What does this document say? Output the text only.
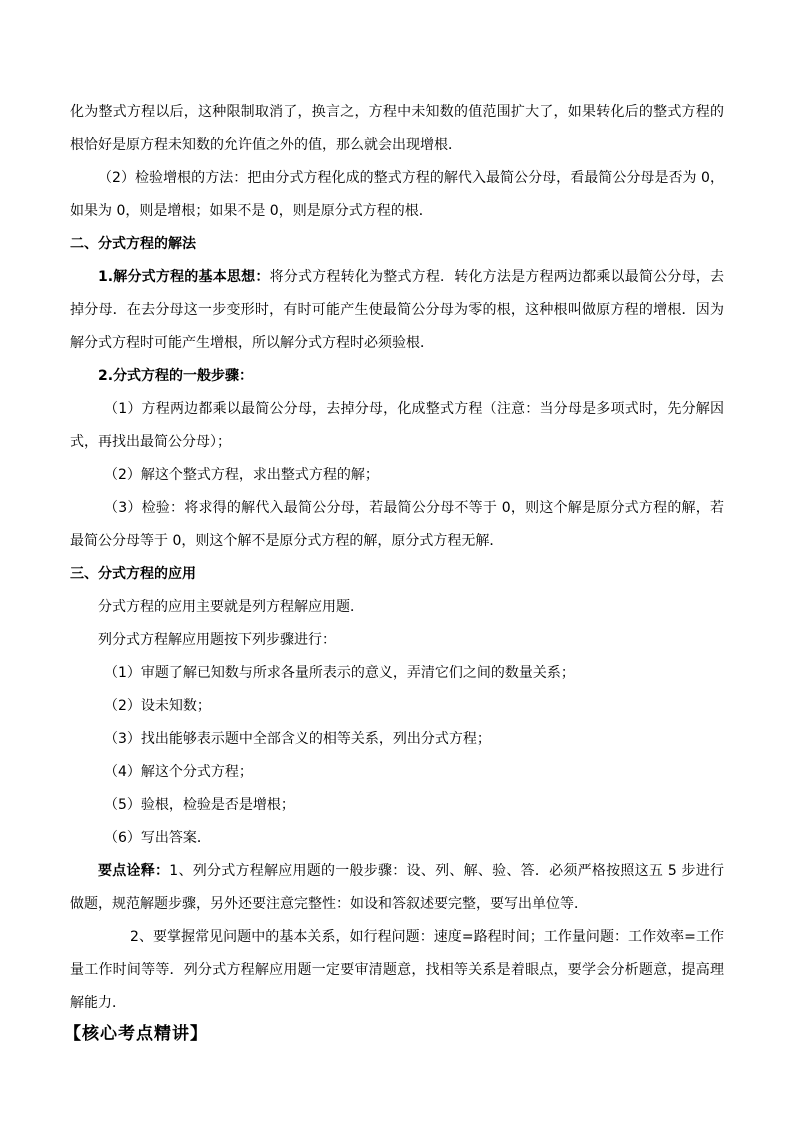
化为整式方程以后，这种限制取消了，换言之，方程中未知数的值范围扩大了，如果转化后的整式方程的根恰好是原方程未知数的允许值之外的值，那么就会出现增根．

（2）检验增根的方法：把由分式方程化成的整式方程的解代入最简公分母，看最简公分母是否为 0，如果为 0，则是增根；如果不是 0，则是原分式方程的根．

二、分式方程的解法

1.解分式方程的基本思想：将分式方程转化为整式方程．转化方法是方程两边都乘以最简公分母，去掉分母．在去分母这一步变形时，有时可能产生使最简公分母为零的根，这种根叫做原方程的增根．因为解分式方程时可能产生增根，所以解分式方程时必须验根．

2.分式方程的一般步骤：

（1）方程两边都乘以最简公分母，去掉分母，化成整式方程（注意：当分母是多项式时，先分解因式，再找出最简公分母）；

（2）解这个整式方程，求出整式方程的解；

（3）检验：将求得的解代入最简公分母，若最简公分母不等于 0，则这个解是原分式方程的解，若最简公分母等于 0，则这个解不是原分式方程的解，原分式方程无解．

三、分式方程的应用

分式方程的应用主要就是列方程解应用题．

列分式方程解应用题按下列步骤进行：

（1）审题了解已知数与所求各量所表示的意义，弄清它们之间的数量关系；

（2）设未知数；

（3）找出能够表示题中全部含义的相等关系，列出分式方程；

（4）解这个分式方程；

（5）验根，检验是否是增根；

（6）写出答案．

要点诠释：1、列分式方程解应用题的一般步骤：设、列、解、验、答．必须严格按照这五 5 步进行做题，规范解题步骤，另外还要注意完整性：如设和答叙述要完整，要写出单位等．

2、要掌握常见问题中的基本关系，如行程问题：速度=路程时间；工作量问题：工作效率=工作量工作时间等等．列分式方程解应用题一定要审清题意，找相等关系是着眼点，要学会分析题意，提高理解能力．

【核心考点精讲】
